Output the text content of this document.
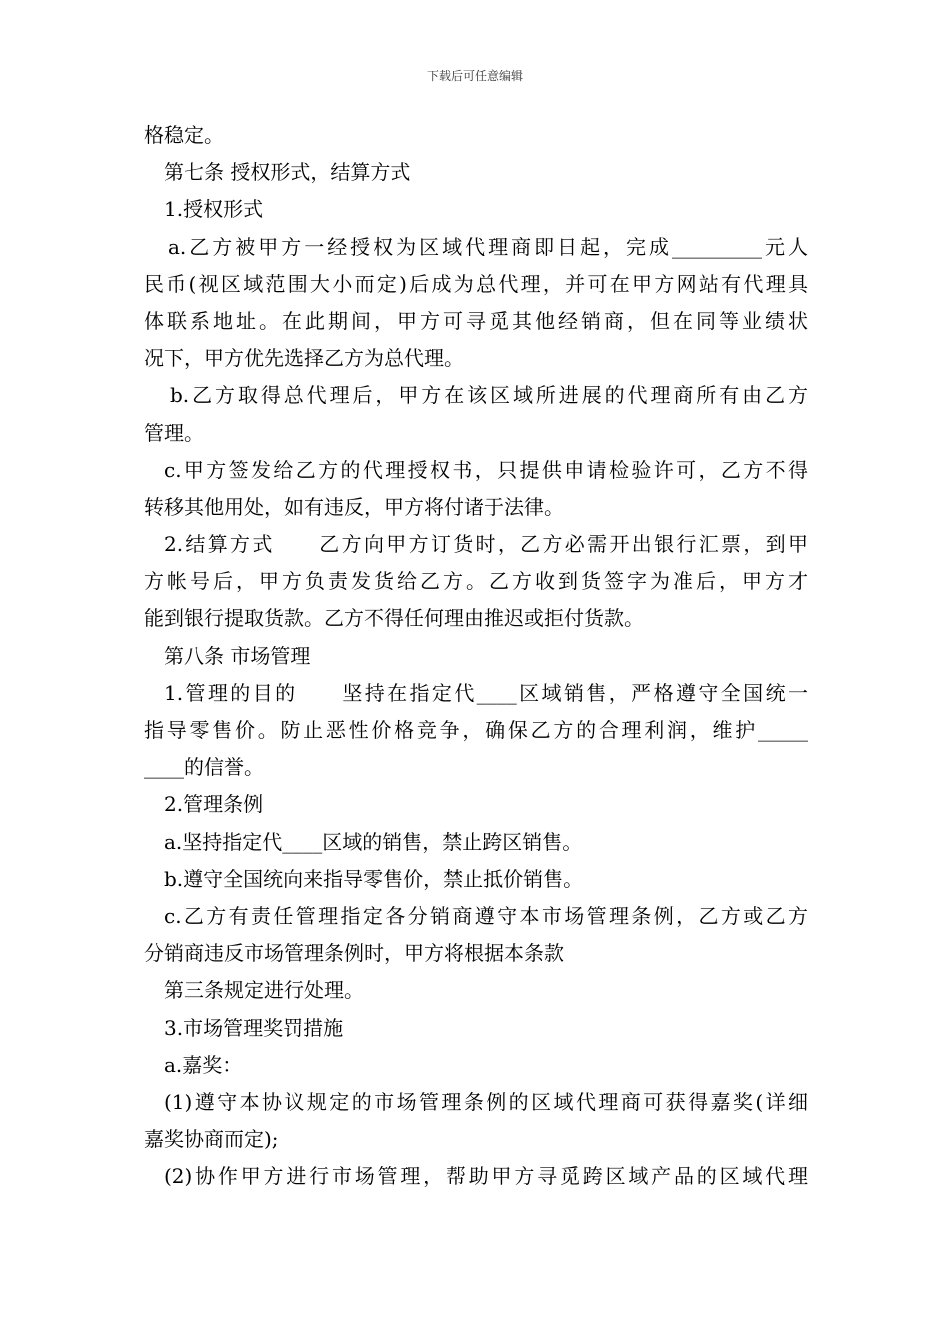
下载后可任意编辑
格稳定。
第七条 授权形式，结算方式
1.授权形式
a.乙方被甲方一经授权为区域代理商即日起，完成_________元人
民币(视区域范围大小而定)后成为总代理，并可在甲方网站有代理具
体联系地址。在此期间，甲方可寻觅其他经销商，但在同等业绩状
况下，甲方优先选择乙方为总代理。
b.乙方取得总代理后，甲方在该区域所进展的代理商所有由乙方
管理。
c.甲方签发给乙方的代理授权书，只提供申请检验许可，乙方不得
转移其他用处，如有违反，甲方将付诸于法律。
2.结算方式　　乙方向甲方订货时，乙方必需开出银行汇票，到甲
方帐号后，甲方负责发货给乙方。乙方收到货签字为准后，甲方才
能到银行提取货款。乙方不得任何理由推迟或拒付货款。
第八条 市场管理
1.管理的目的　　坚持在指定代____区域销售，严格遵守全国统一
指导零售价。防止恶性价格竞争，确保乙方的合理利润，维护_____
____的信誉。
2.管理条例
a.坚持指定代____区域的销售，禁止跨区销售。
b.遵守全国统向来指导零售价，禁止抵价销售。
c.乙方有责任管理指定各分销商遵守本市场管理条例，乙方或乙方
分销商违反市场管理条例时，甲方将根据本条款
第三条规定进行处理。
3.市场管理奖罚措施
a.嘉奖：
(1)遵守本协议规定的市场管理条例的区域代理商可获得嘉奖(详细
嘉奖协商而定);
(2)协作甲方进行市场管理，帮助甲方寻觅跨区域产品的区域代理
